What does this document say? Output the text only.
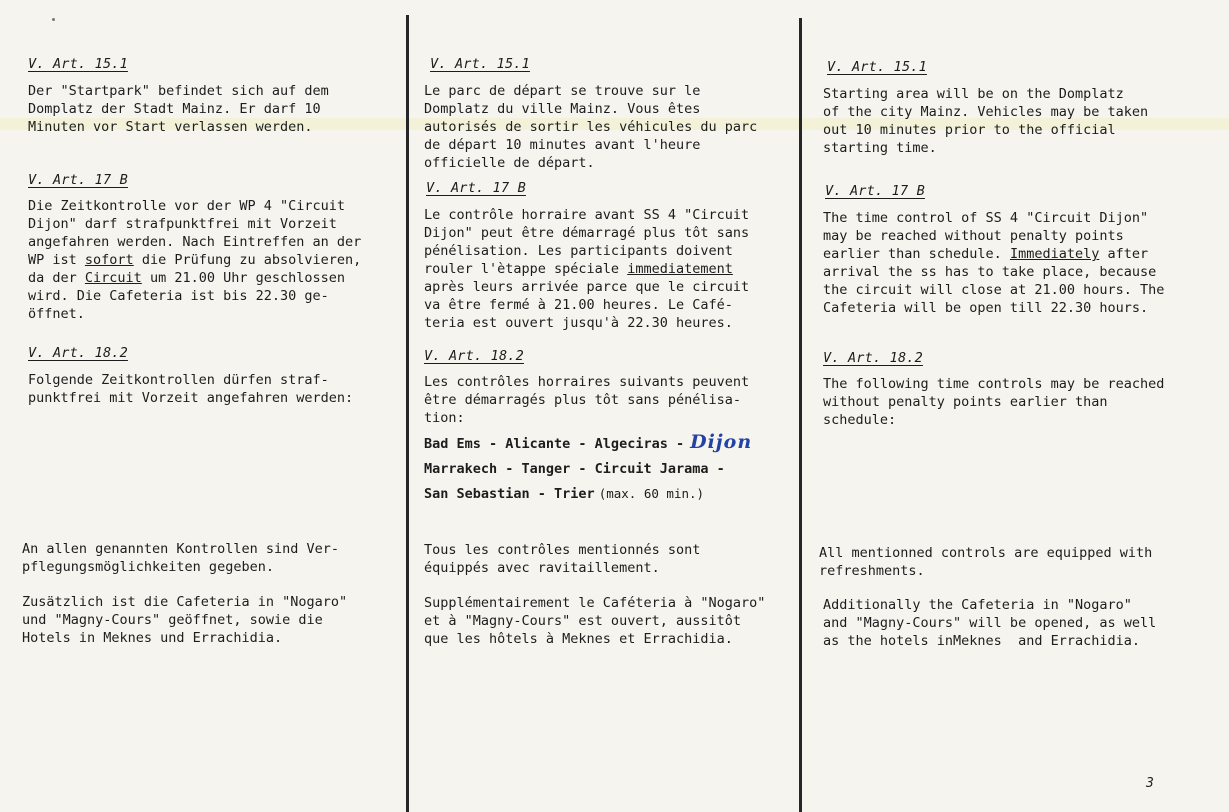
V. Art. 15.1

Der "Startpark" befindet sich auf dem
Domplatz der Stadt Mainz. Er darf 10
Minuten vor Start verlassen werden.

V. Art. 17 B

Die Zeitkontrolle vor der WP 4 "Circuit
Dijon" darf strafpunktfrei mit Vorzeit
angefahren werden. Nach Eintreffen an der
WP ist sofort die Prüfung zu absolvieren,
da der Circuit um 21.00 Uhr geschlossen
wird. Die Cafeteria ist bis 22.30 ge-
öffnet.

V. Art. 18.2

Folgende Zeitkontrollen dürfen straf-
punktfrei mit Vorzeit angefahren werden:

An allen genannten Kontrollen sind Ver-
pflegungsmöglichkeiten gegeben.

Zusätzlich ist die Cafeteria in "Nogaro"
und "Magny-Cours" geöffnet, sowie die
Hotels in Meknes und Errachidia.

V. Art. 15.1

Le parc de départ se trouve sur le
Domplatz du ville Mainz. Vous êtes
autorisés de sortir les véhicules du parc
de départ 10 minutes avant l'heure
officielle de départ.

V. Art. 17 B

Le contrôle horraire avant SS 4 "Circuit
Dijon" peut être démarragé plus tôt sans
pénélisation. Les participants doivent
rouler l'ètappe spéciale immediatement
après leurs arrivée parce que le circuit
va être fermé à 21.00 heures. Le Café-
teria est ouvert jusqu'à 22.30 heures.

V. Art. 18.2

Les contrôles horraires suivants peuvent
être démarragés plus tôt sans pénélisa-
tion:

Bad Ems - Alicante - Algeciras - Dijon

Marrakech - Tanger - Circuit Jarama -

San Sebastian - Trier (max. 60 min.)

Tous les contrôles mentionnés sont
équippés avec ravitaillement.

Supplémentairement le Caféteria à "Nogaro"
et à "Magny-Cours" est ouvert, aussitôt
que les hôtels à Meknes et Errachidia.

V. Art. 15.1

Starting area will be on the Domplatz
of the city Mainz. Vehicles may be taken
out 10 minutes prior to the official
starting time.

V. Art. 17 B

The time control of SS 4 "Circuit Dijon"
may be reached without penalty points
earlier than schedule. Immediately after
arrival the ss has to take place, because
the circuit will close at 21.00 hours. The
Cafeteria will be open till 22.30 hours.

V. Art. 18.2

The following time controls may be reached
without penalty points earlier than
schedule:

All mentionned controls are equipped with
refreshments.

Additionally the Cafeteria in "Nogaro"
and "Magny-Cours" will be opened, as well
as the hotels inMeknes  and Errachidia.

3
